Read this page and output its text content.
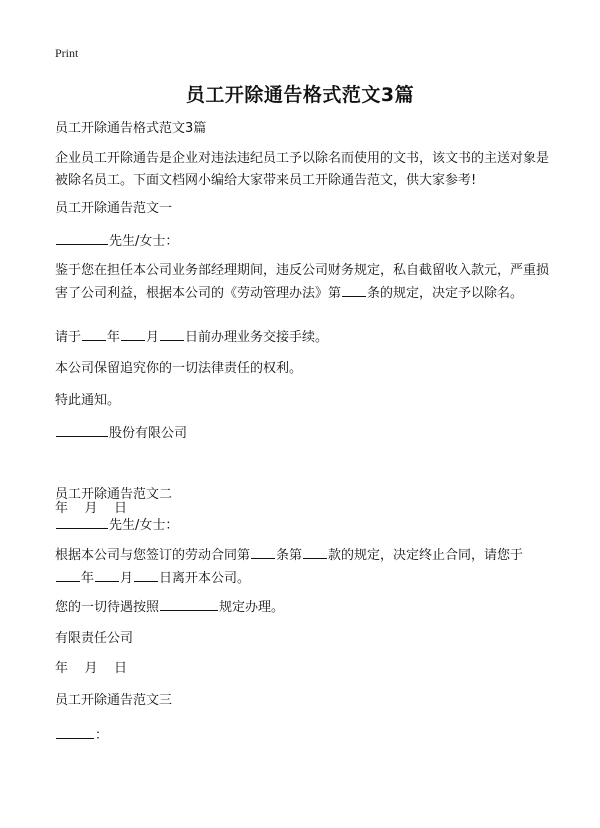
Print
员工开除通告格式范文3篇

员工开除通告格式范文3篇

企业员工开除通告是企业对违法违纪员工予以除名而使用的文书，该文书的主送对象是被除名员工。下面文档网小编给大家带来员工开除通告范文，供大家参考!

员工开除通告范文一

先生/女士：

鉴于您在担任本公司业务部经理期间，违反公司财务规定，私自截留收入款元，严重损害了公司利益，根据本公司的《劳动管理办法》第 条的规定，决定予以除名。

请于 年 月 日前办理业务交接手续。

本公司保留追究你的一切法律责任的权利。

特此通知。

股份有限公司

年    月    日

员工开除通告范文二

先生/女士：

根据本公司与您签订的劳动合同第 条第 款的规定，决定终止合同，请您于

年 月 日离开本公司。

您的一切待遇按照	规定办理。

有限责任公司

年    月    日

员工开除通告范文三

：
